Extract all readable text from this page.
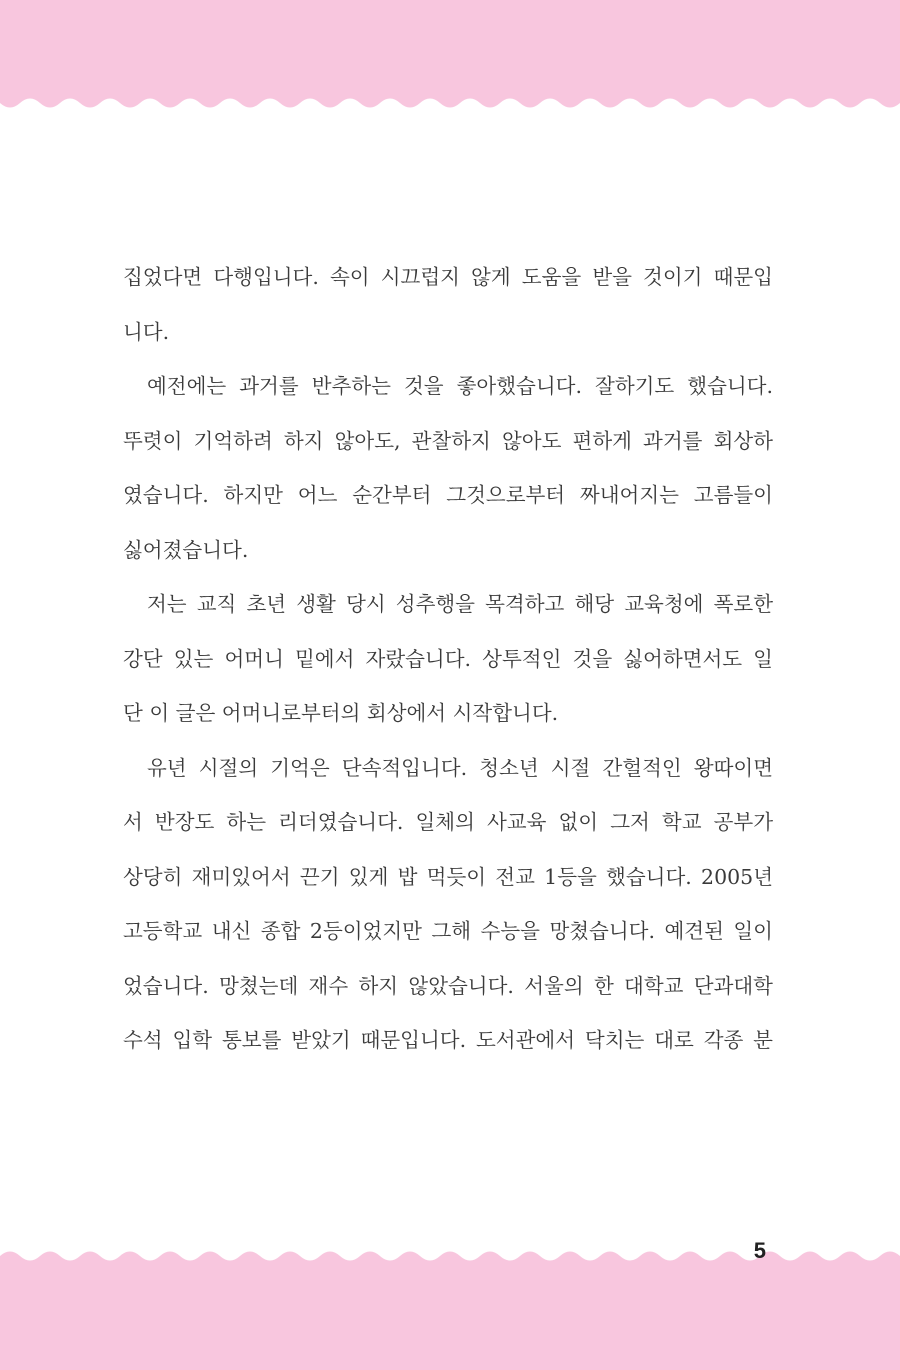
집었다면 다행입니다. 속이 시끄럽지 않게 도움을 받을 것이기 때문입
니다.
예전에는 과거를 반추하는 것을 좋아했습니다. 잘하기도 했습니다.
뚜렷이 기억하려 하지 않아도, 관찰하지 않아도 편하게 과거를 회상하
였습니다. 하지만 어느 순간부터 그것으로부터 짜내어지는 고름들이
싫어졌습니다.
저는 교직 초년 생활 당시 성추행을 목격하고 해당 교육청에 폭로한
강단 있는 어머니 밑에서 자랐습니다. 상투적인 것을 싫어하면서도 일
단 이 글은 어머니로부터의 회상에서 시작합니다.
유년 시절의 기억은 단속적입니다. 청소년 시절 간헐적인 왕따이면
서 반장도 하는 리더였습니다. 일체의 사교육 없이 그저 학교 공부가
상당히 재미있어서 끈기 있게 밥 먹듯이 전교 1등을 했습니다. 2005년
고등학교 내신 종합 2등이었지만 그해 수능을 망쳤습니다. 예견된 일이
었습니다. 망쳤는데 재수 하지 않았습니다. 서울의 한 대학교 단과대학
수석 입학 통보를 받았기 때문입니다. 도서관에서 닥치는 대로 각종 분
5
